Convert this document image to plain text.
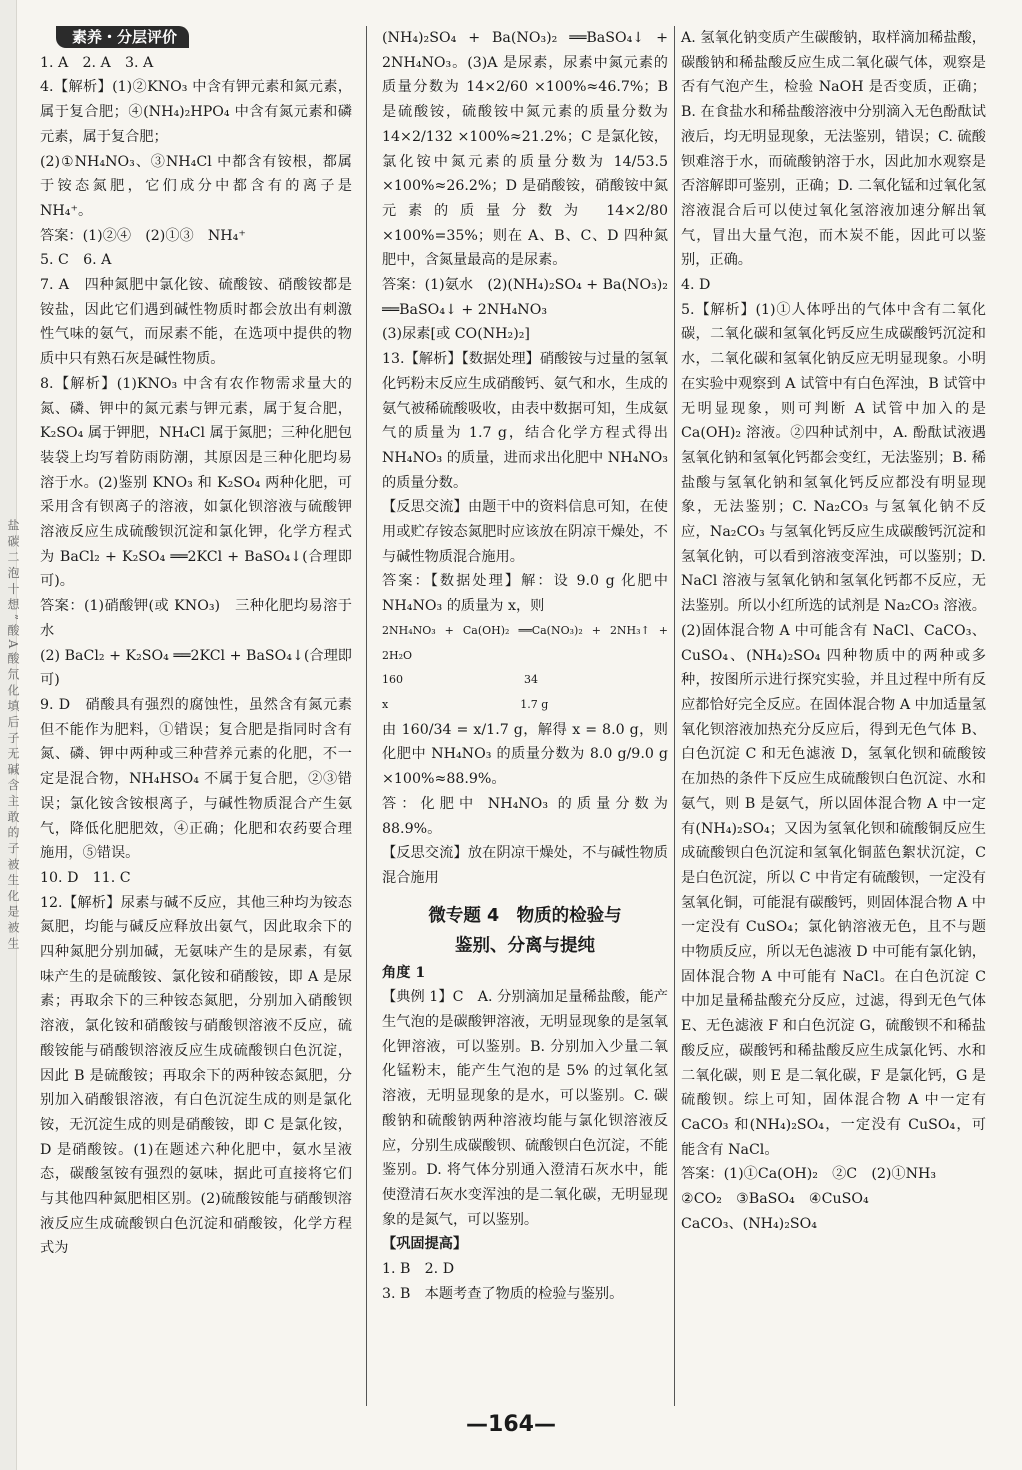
盐 碳 二 泡 十 想 ” 酸 A 酸 氘 化 填 后 子 无 碱 含 主 敢 的 子 被 生 化 是 被 生
素养・分层评价

1. A　2. A　3. A

4.【解析】(1)②KNO₃ 中含有钾元素和氮元素，属于复合肥；④(NH₄)₂HPO₄ 中含有氮元素和磷元素，属于复合肥；

(2)①NH₄NO₃、③NH₄Cl 中都含有铵根，都属于铵态氮肥，它们成分中都含有的离子是 NH₄⁺。

答案：(1)②④　(2)①③　NH₄⁺

5. C　6. A

7. A　四种氮肥中氯化铵、硫酸铵、硝酸铵都是铵盐，因此它们遇到碱性物质时都会放出有刺激性气味的氨气，而尿素不能，在选项中提供的物质中只有熟石灰是碱性物质。

8.【解析】(1)KNO₃ 中含有农作物需求量大的氮、磷、钾中的氮元素与钾元素，属于复合肥，K₂SO₄ 属于钾肥，NH₄Cl 属于氮肥；三种化肥包装袋上均写着防雨防潮，其原因是三种化肥均易溶于水。(2)鉴别 KNO₃ 和 K₂SO₄ 两种化肥，可采用含有钡离子的溶液，如氯化钡溶液与硫酸钾溶液反应生成硫酸钡沉淀和氯化钾，化学方程式为 BaCl₂ + K₂SO₄ ══2KCl + BaSO₄↓(合理即可)。

答案：(1)硝酸钾(或 KNO₃)　三种化肥均易溶于水

(2) BaCl₂ + K₂SO₄ ══2KCl + BaSO₄↓(合理即可)

9. D　硝酸具有强烈的腐蚀性，虽然含有氮元素但不能作为肥料，①错误；复合肥是指同时含有氮、磷、钾中两种或三种营养元素的化肥，不一定是混合物，NH₄HSO₄ 不属于复合肥，②③错误；氯化铵含铵根离子，与碱性物质混合产生氨气，降低化肥肥效，④正确；化肥和农药要合理施用，⑤错误。

10. D　11. C

12.【解析】尿素与碱不反应，其他三种均为铵态氮肥，均能与碱反应释放出氨气，因此取余下的四种氮肥分别加碱，无氨味产生的是尿素，有氨味产生的是硫酸铵、氯化铵和硝酸铵，即 A 是尿素；再取余下的三种铵态氮肥，分别加入硝酸钡溶液，氯化铵和硝酸铵与硝酸钡溶液不反应，硫酸铵能与硝酸钡溶液反应生成硫酸钡白色沉淀，因此 B 是硫酸铵；再取余下的两种铵态氮肥，分别加入硝酸银溶液，有白色沉淀生成的则是氯化铵，无沉淀生成的则是硝酸铵，即 C 是氯化铵，D 是硝酸铵。(1)在题述六种化肥中，氨水呈液态，碳酸氢铵有强烈的氨味，据此可直接将它们与其他四种氮肥相区别。(2)硫酸铵能与硝酸钡溶液反应生成硫酸钡白色沉淀和硝酸铵，化学方程式为

(NH₄)₂SO₄ + Ba(NO₃)₂ ══BaSO₄↓ + 2NH₄NO₃。(3)A 是尿素，尿素中氮元素的质量分数为 14×2/60 ×100%≈46.7%；B 是硫酸铵，硫酸铵中氮元素的质量分数为 14×2/132 ×100%≈21.2%；C 是氯化铵，氯化铵中氮元素的质量分数为 14/53.5 ×100%≈26.2%；D 是硝酸铵，硝酸铵中氮元素的质量分数为 14×2/80 ×100%=35%；则在 A、B、C、D 四种氮肥中，含氮量最高的是尿素。

答案：(1)氨水　(2)(NH₄)₂SO₄ + Ba(NO₃)₂ ══BaSO₄↓ + 2NH₄NO₃

(3)尿素[或 CO(NH₂)₂]

13.【解析】【数据处理】硝酸铵与过量的氢氧化钙粉末反应生成硝酸钙、氨气和水，生成的氨气被稀硫酸吸收，由表中数据可知，生成氨气的质量为 1.7 g，结合化学方程式得出 NH₄NO₃ 的质量，进而求出化肥中 NH₄NO₃ 的质量分数。

【反思交流】由题干中的资料信息可知，在使用或贮存铵态氮肥时应该放在阴凉干燥处，不与碱性物质混合施用。

答案：【数据处理】解：设 9.0 g 化肥中 NH₄NO₃ 的质量为 x，则

2NH₄NO₃ + Ca(OH)₂ ══Ca(NO₃)₂ + 2NH₃↑ + 2H₂O

160　　　　　　　　　　　34

x　　　　　　　　　　　　1.7 g

由 160/34 = x/1.7 g，解得 x = 8.0 g，则化肥中 NH₄NO₃ 的质量分数为 8.0 g/9.0 g ×100%≈88.9%。

答：化肥中 NH₄NO₃ 的质量分数为 88.9%。

【反思交流】放在阴凉干燥处，不与碱性物质混合施用

微专题 4　物质的检验与
鉴别、分离与提纯

角度 1

【典例 1】C　A. 分别滴加足量稀盐酸，能产生气泡的是碳酸钾溶液，无明显现象的是氢氧化钾溶液，可以鉴别。B. 分别加入少量二氧化锰粉末，能产生气泡的是 5% 的过氧化氢溶液，无明显现象的是水，可以鉴别。C. 碳酸钠和硫酸钠两种溶液均能与氯化钡溶液反应，分别生成碳酸钡、硫酸钡白色沉淀，不能鉴别。D. 将气体分别通入澄清石灰水中，能使澄清石灰水变浑浊的是二氧化碳，无明显现象的是氮气，可以鉴别。

【巩固提高】

1. B　2. D

3. B　本题考查了物质的检验与鉴别。

A. 氢氧化钠变质产生碳酸钠，取样滴加稀盐酸，碳酸钠和稀盐酸反应生成二氧化碳气体，观察是否有气泡产生，检验 NaOH 是否变质，正确；B. 在食盐水和稀盐酸溶液中分别滴入无色酚酞试液后，均无明显现象，无法鉴别，错误；C. 硫酸钡难溶于水，而硫酸钠溶于水，因此加水观察是否溶解即可鉴别，正确；D. 二氧化锰和过氧化氢溶液混合后可以使过氧化氢溶液加速分解出氧气，冒出大量气泡，而木炭不能，因此可以鉴别，正确。

4. D

5.【解析】(1)①人体呼出的气体中含有二氧化碳，二氧化碳和氢氧化钙反应生成碳酸钙沉淀和水，二氧化碳和氢氧化钠反应无明显现象。小明在实验中观察到 A 试管中有白色浑浊，B 试管中无明显现象，则可判断 A 试管中加入的是 Ca(OH)₂ 溶液。②四种试剂中，A. 酚酞试液遇氢氧化钠和氢氧化钙都会变红，无法鉴别；B. 稀盐酸与氢氧化钠和氢氧化钙反应都没有明显现象，无法鉴别；C. Na₂CO₃ 与氢氧化钠不反应，Na₂CO₃ 与氢氧化钙反应生成碳酸钙沉淀和氢氧化钠，可以看到溶液变浑浊，可以鉴别；D. NaCl 溶液与氢氧化钠和氢氧化钙都不反应，无法鉴别。所以小红所选的试剂是 Na₂CO₃ 溶液。(2)固体混合物 A 中可能含有 NaCl、CaCO₃、CuSO₄、(NH₄)₂SO₄ 四种物质中的两种或多种，按图所示进行探究实验，并且过程中所有反应都恰好完全反应。在固体混合物 A 中加适量氢氧化钡溶液加热充分反应后，得到无色气体 B、白色沉淀 C 和无色滤液 D，氢氧化钡和硫酸铵在加热的条件下反应生成硫酸钡白色沉淀、水和氨气，则 B 是氨气，所以固体混合物 A 中一定有(NH₄)₂SO₄；又因为氢氧化钡和硫酸铜反应生成硫酸钡白色沉淀和氢氧化铜蓝色絮状沉淀，C 是白色沉淀，所以 C 中肯定有硫酸钡，一定没有氢氧化铜，可能混有碳酸钙，则固体混合物 A 中一定没有 CuSO₄；氯化钠溶液无色，且不与题中物质反应，所以无色滤液 D 中可能有氯化钠，固体混合物 A 中可能有 NaCl。在白色沉淀 C 中加足量稀盐酸充分反应，过滤，得到无色气体 E、无色滤液 F 和白色沉淀 G，硫酸钡不和稀盐酸反应，碳酸钙和稀盐酸反应生成氯化钙、水和二氧化碳，则 E 是二氧化碳，F 是氯化钙，G 是硫酸钡。综上可知，固体混合物 A 中一定有 CaCO₃ 和(NH₄)₂SO₄，一定没有 CuSO₄，可能含有 NaCl。

答案：(1)①Ca(OH)₂　②C　(2)①NH₃

②CO₂　③BaSO₄　④CuSO₄

CaCO₃、(NH₄)₂SO₄

—164—
